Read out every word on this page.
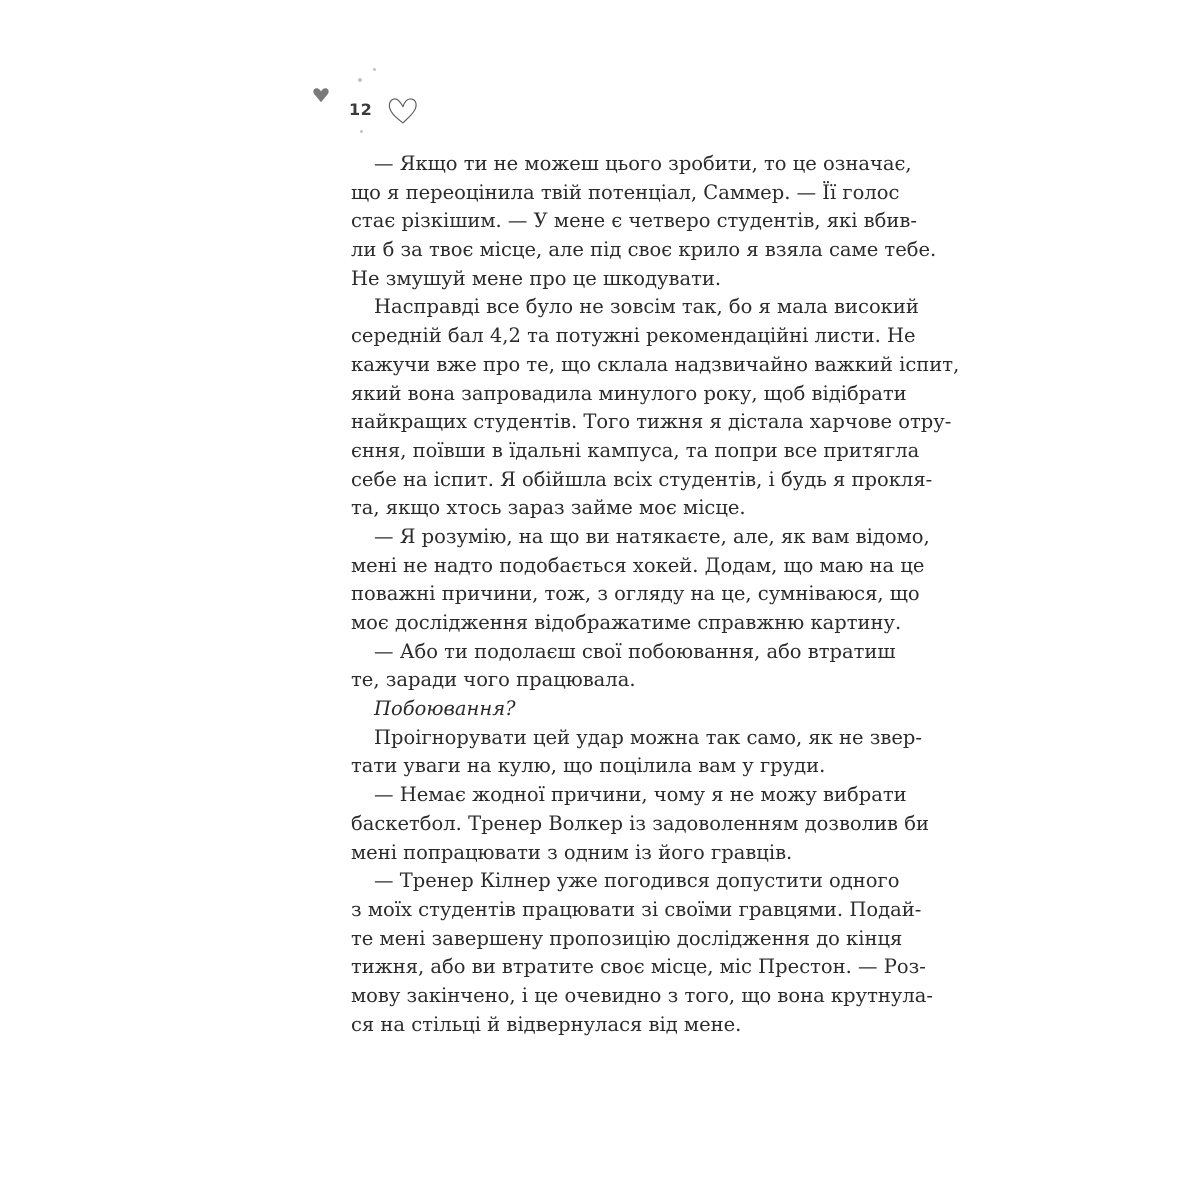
12
— Якщо ти не можеш цього зробити, то це означає,
що я переоцінила твій потенціал, Саммер. — Її голос
стає різкішим. — У мене є четверо студентів, які вбив-
ли б за твоє місце, але під своє крило я взяла саме тебе.
Не змушуй мене про це шкодувати.
Насправді все було не зовсім так, бо я мала високий
середній бал 4,2 та потужні рекомендаційні листи. Не
кажучи вже про те, що склала надзвичайно важкий іспит,
який вона запровадила минулого року, щоб відібрати
найкращих студентів. Того тижня я дістала харчове отру-
єння, поївши в їдальні кампуса, та попри все притягла
себе на іспит. Я обійшла всіх студентів, і будь я прокля-
та, якщо хтось зараз займе моє місце.
— Я розумію, на що ви натякаєте, але, як вам відомо,
мені не надто подобається хокей. Додам, що маю на це
поважні причини, тож, з огляду на це, сумніваюся, що
моє дослідження відображатиме справжню картину.
— Або ти подолаєш свої побоювання, або втратиш
те, заради чого працювала.
Побоювання?
Проігнорувати цей удар можна так само, як не звер-
тати уваги на кулю, що поцілила вам у груди.
— Немає жодної причини, чому я не можу вибрати
баскетбол. Тренер Волкер із задоволенням дозволив би
мені попрацювати з одним із його гравців.
— Тренер Кілнер уже погодився допустити одного
з моїх студентів працювати зі своїми гравцями. Подай-
те мені завершену пропозицію дослідження до кінця
тижня, або ви втратите своє місце, міс Престон. — Роз-
мову закінчено, і це очевидно з того, що вона крутнула-
ся на стільці й відвернулася від мене.
